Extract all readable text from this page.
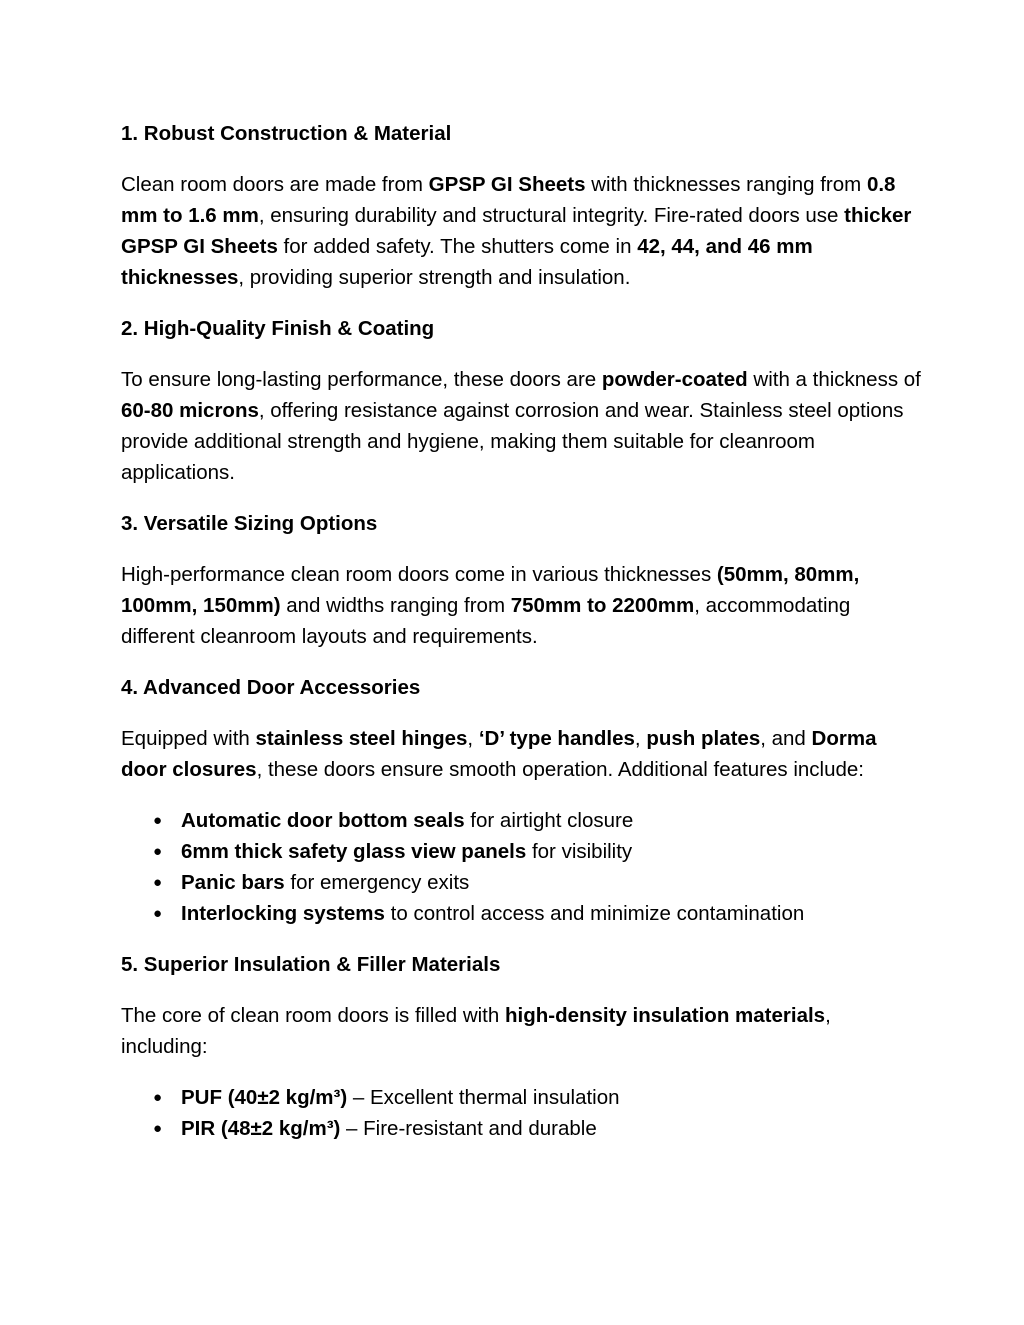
1. Robust Construction & Material
Clean room doors are made from GPSP GI Sheets with thicknesses ranging from 0.8 mm to 1.6 mm, ensuring durability and structural integrity. Fire-rated doors use thicker GPSP GI Sheets for added safety. The shutters come in 42, 44, and 46 mm thicknesses, providing superior strength and insulation.
2. High-Quality Finish & Coating
To ensure long-lasting performance, these doors are powder-coated with a thickness of 60-80 microns, offering resistance against corrosion and wear. Stainless steel options provide additional strength and hygiene, making them suitable for cleanroom applications.
3. Versatile Sizing Options
High-performance clean room doors come in various thicknesses (50mm, 80mm, 100mm, 150mm) and widths ranging from 750mm to 2200mm, accommodating different cleanroom layouts and requirements.
4. Advanced Door Accessories
Equipped with stainless steel hinges, ‘D’ type handles, push plates, and Dorma door closures, these doors ensure smooth operation. Additional features include:
● Automatic door bottom seals for airtight closure
● 6mm thick safety glass view panels for visibility
● Panic bars for emergency exits
● Interlocking systems to control access and minimize contamination
5. Superior Insulation & Filler Materials
The core of clean room doors is filled with high-density insulation materials, including:
● PUF (40±2 kg/m³) – Excellent thermal insulation
● PIR (48±2 kg/m³) – Fire-resistant and durable
